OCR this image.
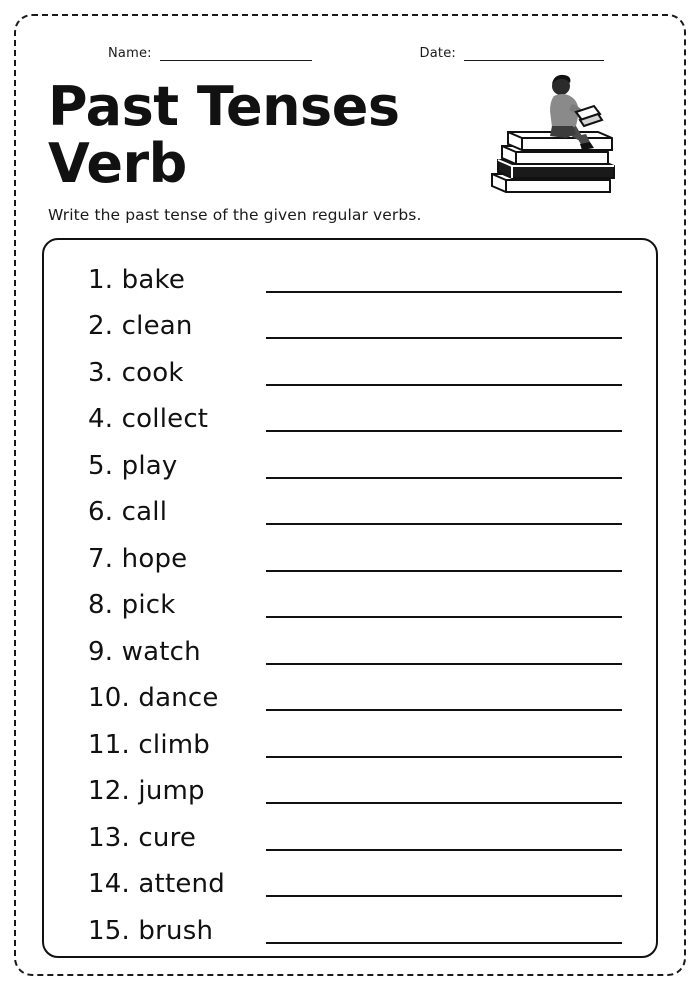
Name:	Date:
Past Tenses Verb
Write the past tense of the given regular verbs.
1. bake
2. clean
3. cook
4. collect
5. play
6. call
7. hope
8. pick
9. watch
10. dance
11. climb
12. jump
13. cure
14. attend
15. brush
